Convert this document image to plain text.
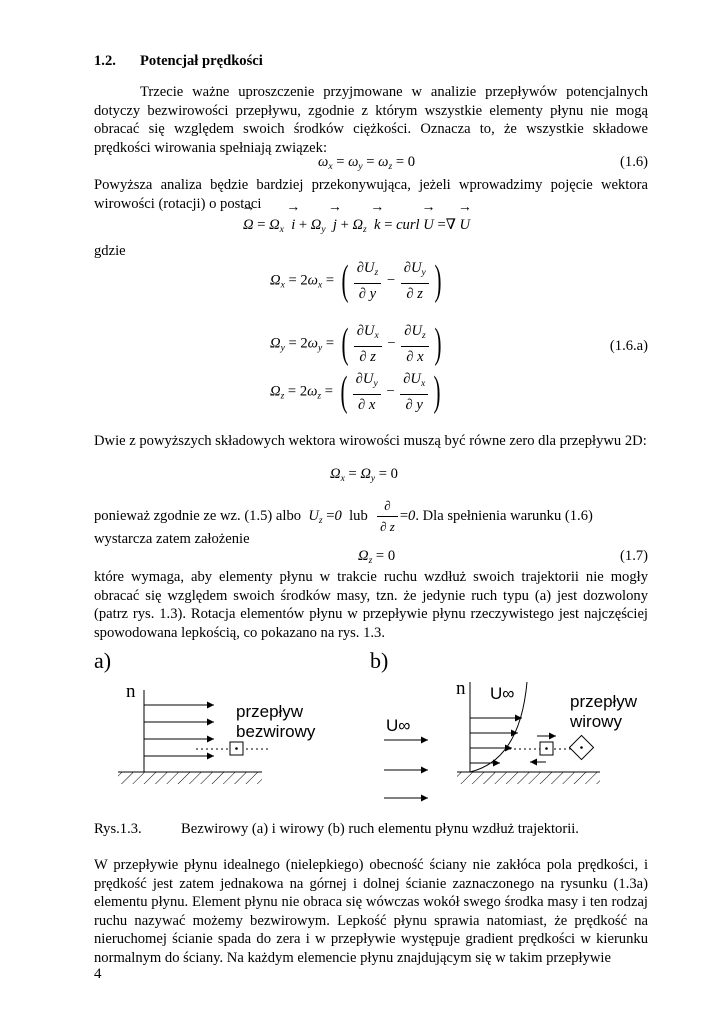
1.2. Potencjał prędkości
Trzecie ważne uproszczenie przyjmowane w analizie przepływów potencjalnych dotyczy bezwirowości przepływu, zgodnie z którym wszystkie elementy płynu nie mogą obracać się względem swoich środków ciężkości. Oznacza to, że wszystkie składowe prędkości wirowania spełniają związek:
$\omega_x = \omega_y = \omega_z = 0$	(1.6)
Powyższa analiza będzie bardziej przekonywująca, jeżeli wprowadzimy pojęcie wektora wirowości (rotacji) o postaci
→ $\Omega = \Omega_x \to i + \Omega_y \to j + \Omega_z \to k$ = curl → U =∇ → U
gdzie
$\Omega_x = 2\omega_x$ = ( $\frac{\partial U_z}{\partial y} - \frac{\partial U_y}{\partial z}$ )
$\Omega_y = 2\omega_y$ = ( $\frac{\partial U_x}{\partial z} - \frac{\partial U_z}{\partial x}$ )	(1.6.a)
$\Omega_z = 2\omega_z$ = ( $\frac{\partial U_y}{\partial x} - \frac{\partial U_x}{\partial y}$ )
Dwie z powyższych składowych wektora wirowości muszą być równe zero dla przepływu 2D:
$\Omega_x = \Omega_y = 0$
ponieważ zgodnie ze wz. (1.5) albo $U_z =0$ lub $\frac{\partial}{\partial z} =0$. Dla spełnienia warunku (1.6)
wystarcza zatem założenie
$\Omega_z = 0$	(1.7)
które wymaga, aby elementy płynu w trakcie ruchu wzdłuż swoich trajektorii nie mogły obracać się względem swoich środków masy, tzn. że jedynie ruch typu (a) jest dozwolony (patrz rys. 1.3). Rotacja elementów płynu w przepływie płynu rzeczywistego jest najczęściej spowodowana lepkością, co pokazano na rys. 1.3.
a)	b)
n
przepływ
bezwirowy	U∞
n U∞	przepływ
wirowy
Rys.1.3.	Bezwirowy (a) i wirowy (b) ruch elementu płynu wzdłuż trajektorii.
W przepływie płynu idealnego (nielepkiego) obecność ściany nie zakłóca pola prędkości, i prędkość jest zatem jednakowa na górnej i dolnej ścianie zaznaczonego na rysunku (1.3a) elementu płynu. Element płynu nie obraca się wówczas wokół swego środka masy i ten rodzaj ruchu nazywać możemy bezwirowym. Lepkość płynu sprawia natomiast, że prędkość na nieruchomej ścianie spada do zera i w przepływie występuje gradient prędkości w kierunku normalnym do ściany. Na każdym elemencie płynu znajdującym się w takim przepływie
4
